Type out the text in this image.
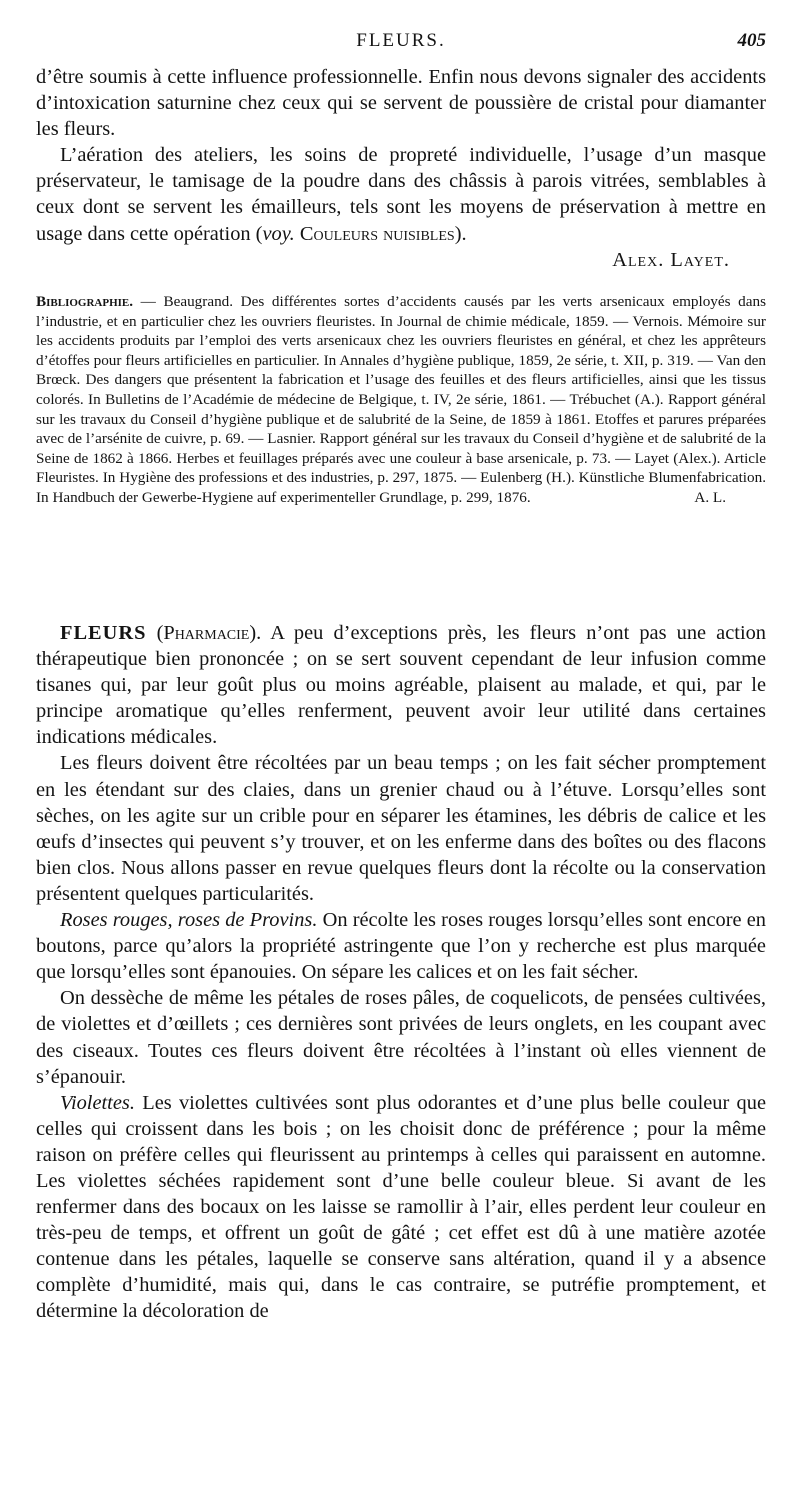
FLEURS.	405

d’être soumis à cette influence professionnelle. Enfin nous devons signaler des accidents d’intoxication saturnine chez ceux qui se servent de poussière de cristal pour diamanter les fleurs.

L’aération des ateliers, les soins de propreté individuelle, l’usage d’un masque préservateur, le tamisage de la poudre dans des châssis à parois vitrées, semblables à ceux dont se servent les émailleurs, tels sont les moyens de préservation à mettre en usage dans cette opération (voy. Couleurs nuisibles).

Alex. Layet.

Bibliographie. — Beaugrand. Des différentes sortes d’accidents causés par les verts arsenicaux employés dans l’industrie, et en particulier chez les ouvriers fleuristes. In Journal de chimie médicale, 1859. — Vernois. Mémoire sur les accidents produits par l’emploi des verts arsenicaux chez les ouvriers fleuristes en général, et chez les apprêteurs d’étoffes pour fleurs artificielles en particulier. In Annales d’hygiène publique, 1859, 2e série, t. XII, p. 319. — Van den Brœck. Des dangers que présentent la fabrication et l’usage des feuilles et des fleurs artificielles, ainsi que les tissus colorés. In Bulletins de l’Académie de médecine de Belgique, t. IV, 2e série, 1861. — Trébuchet (A.). Rapport général sur les travaux du Conseil d’hygiène publique et de salubrité de la Seine, de 1859 à 1861. Etoffes et parures préparées avec de l’arsénite de cuivre, p. 69. — Lasnier. Rapport général sur les travaux du Conseil d’hygiène et de salubrité de la Seine de 1862 à 1866. Herbes et feuillages préparés avec une couleur à base arsenicale, p. 73. — Layet (Alex.). Article Fleuristes. In Hygiène des professions et des industries, p. 297, 1875. — Eulenberg (H.). Künstliche Blumenfabrication. In Handbuch der Gewerbe-Hygiene auf experimenteller Grundlage, p. 299, 1876.	A. L.

FLEURS (Pharmacie). A peu d’exceptions près, les fleurs n’ont pas une action thérapeutique bien prononcée ; on se sert souvent cependant de leur infusion comme tisanes qui, par leur goût plus ou moins agréable, plaisent au malade, et qui, par le principe aromatique qu’elles renferment, peuvent avoir leur utilité dans certaines indications médicales.

Les fleurs doivent être récoltées par un beau temps ; on les fait sécher promptement en les étendant sur des claies, dans un grenier chaud ou à l’étuve. Lorsqu’elles sont sèches, on les agite sur un crible pour en séparer les étamines, les débris de calice et les œufs d’insectes qui peuvent s’y trouver, et on les enferme dans des boîtes ou des flacons bien clos. Nous allons passer en revue quelques fleurs dont la récolte ou la conservation présentent quelques particularités.

Roses rouges, roses de Provins. On récolte les roses rouges lorsqu’elles sont encore en boutons, parce qu’alors la propriété astringente que l’on y recherche est plus marquée que lorsqu’elles sont épanouies. On sépare les calices et on les fait sécher.

On dessèche de même les pétales de roses pâles, de coquelicots, de pensées cultivées, de violettes et d’œillets ; ces dernières sont privées de leurs onglets, en les coupant avec des ciseaux. Toutes ces fleurs doivent être récoltées à l’instant où elles viennent de s’épanouir.

Violettes. Les violettes cultivées sont plus odorantes et d’une plus belle couleur que celles qui croissent dans les bois ; on les choisit donc de préférence ; pour la même raison on préfère celles qui fleurissent au printemps à celles qui paraissent en automne. Les violettes séchées rapidement sont d’une belle couleur bleue. Si avant de les renfermer dans des bocaux on les laisse se ramollir à l’air, elles perdent leur couleur en très-peu de temps, et offrent un goût de gâté ; cet effet est dû à une matière azotée contenue dans les pétales, laquelle se conserve sans altération, quand il y a absence complète d’humidité, mais qui, dans le cas contraire, se putréfie promptement, et détermine la décoloration de
